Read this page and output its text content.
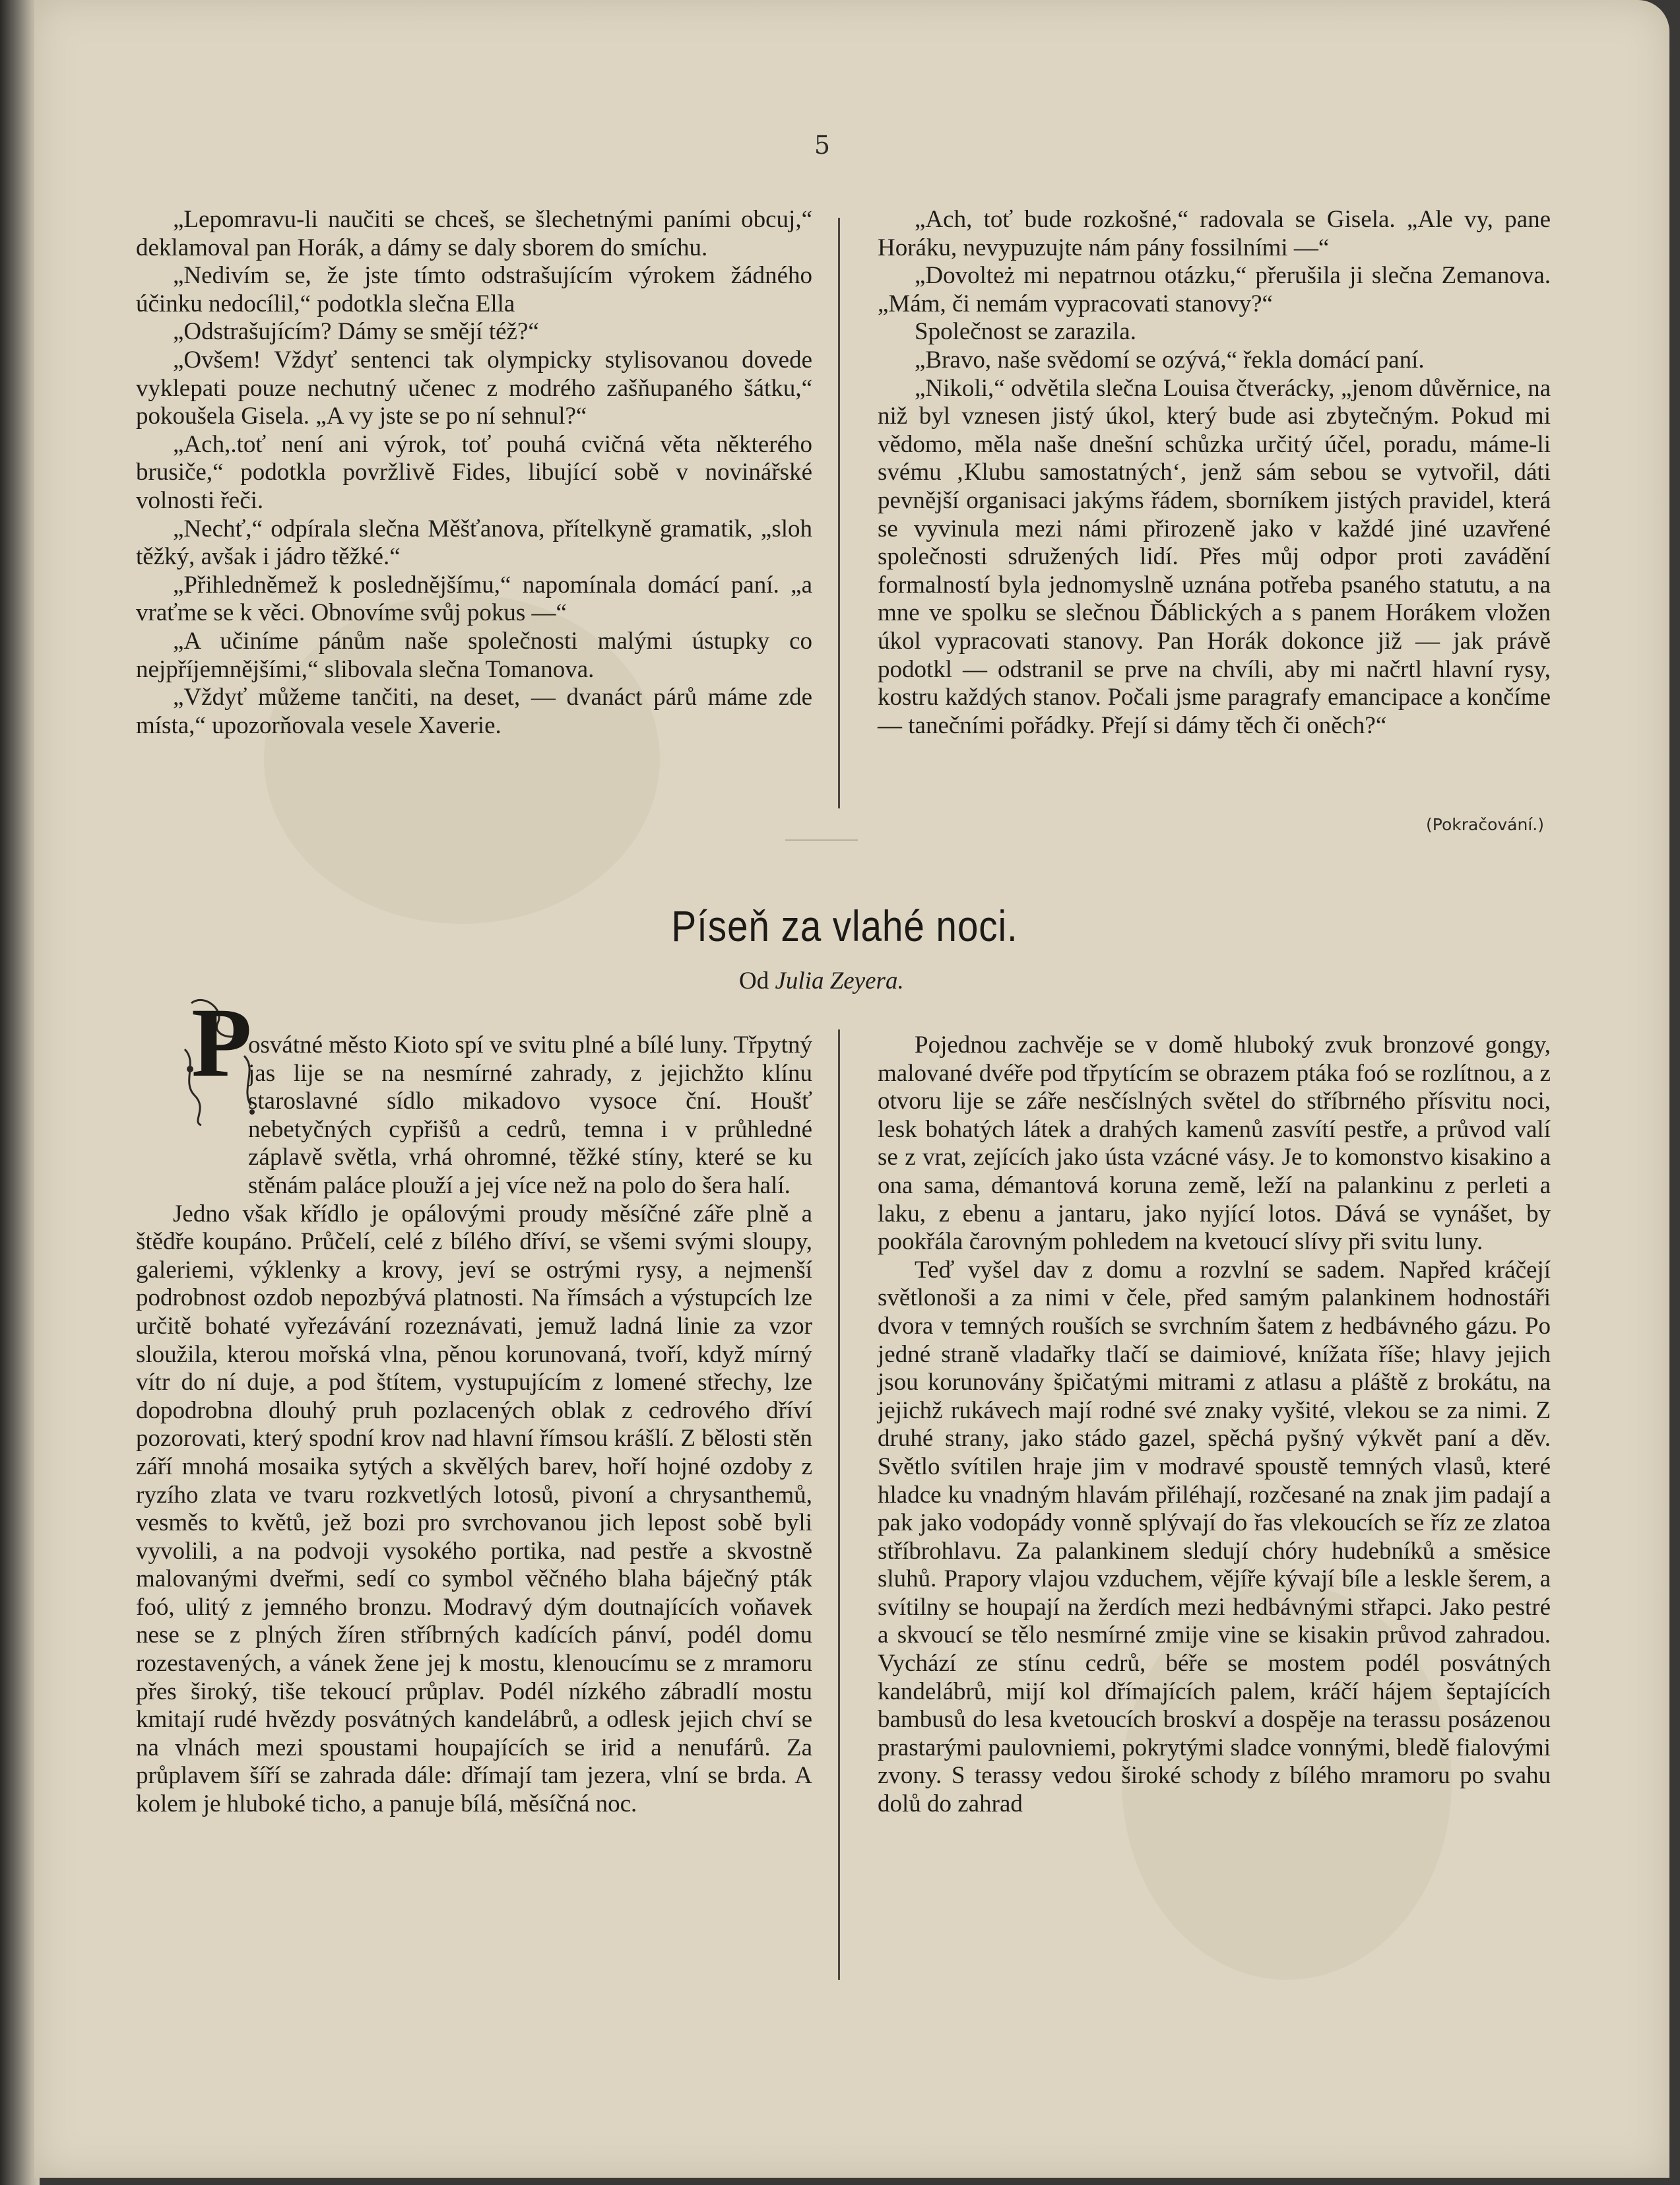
5

„Lepomravu-li naučiti se chceš, se šlechetnými paními obcuj,“ deklamoval pan Horák, a dámy se daly sborem do smíchu.

„Nedivím se, že jste tímto odstrašujícím výrokem žádného účinku nedocílil,“ podotkla slečna Ella

„Odstrašujícím? Dámy se smějí též?“

„Ovšem! Vždyť sentenci tak olympicky stylisovanou dovede vyklepati pouze nechutný učenec z modrého zašňupaného šátku,“ pokoušela Gisela. „A vy jste se po ní sehnul?“

„Ach,.toť není ani výrok, toť pouhá cvičná věta některého brusiče,“ podotkla povržlivě Fides, libující sobě v novinářské volnosti řeči.

„Nechť,“ odpírala slečna Měšťanova, přítelkyně gramatik, „sloh těžký, avšak i jádro těžké.“

„Přihledněmež k poslednějšímu,“ napomínala domácí paní. „a vraťme se k věci. Obnovíme svůj pokus —“

„A učiníme pánům naše společnosti malými ústupky co nejpříjemnějšími,“ slibovala slečna Tomanova.

„Vždyť můžeme tančiti, na deset, — dvanáct párů máme zde místa,“ upozorňovala vesele Xaverie.

„Ach, toť bude rozkošné,“ radovala se Gisela. „Ale vy, pane Horáku, nevypuzujte nám pány fossilními —“

„Dovolteż mi nepatrnou otázku,“ přerušila ji slečna Zemanova. „Mám, či nemám vypracovati stanovy?“

Společnost se zarazila.

„Bravo, naše svědomí se ozývá,“ řekla domácí paní.

„Nikoli,“ odvětila slečna Louisa čtveráckу, „jenom důvěrnice, na niž byl vznesen jistý úkol, který bude asi zbytečným. Pokud mi vědomo, měla naše dnešní schůzka určitý účel, poradu, máme-li svému ‚Klubu samostatných‘, jenž sám sebou se vytvořil, dáti pevnější organisaci jakýms řádem, sborníkem jistých pravidel, která se vyvinula mezi námi přirozeně jako v každé jiné uzavřené společnosti sdružených lidí. Přes můj odpor proti zavádění formalností byla jednomyslně uznána potřeba psaného statutu, a na mne ve spolku se slečnou Ďáblických a s panem Horákem vložen úkol vypracovati stanovy. Pan Horák dokonce již — jak právě podotkl — odstranil se prve na chvíli, aby mi načrtl hlavní rysy, kostru každých stanov. Počali jsme paragrafy emancipace a končíme — tanečními pořádky. Přejí si dámy těch či oněch?“

(Pokračování.)
Píseň za vlahé noci.
Od Julia Zeyera.
P

osvátné město Kioto spí ve svitu plné a bílé luny. Třpytný jas lije se na nesmírné zahrady, z jejichžto klínu staroslavné sídlo mikadovo vysoce ční. Houšť nebetyčných cypřišů a cedrů, temna i v průhledné záplavě světla, vrhá ohromné, těžké stíny, které se ku stěnám paláce plouží a jej více než na polo do šera halí.

Jedno však křídlo je opálovými proudy měsíčné záře plně a štědře koupáno. Průčelí, celé z bílého dříví, se všemi svými sloupy, galeriemi, výklenky a krovy, jeví se ostrými rysy, a nejmenší podrobnost ozdob nepozbývá platnosti. Na římsách a výstupcích lze určitě bohaté vyřezávání rozeznávati, jemuž ladná linie za vzor sloužila, kterou mořská vlna, pěnou korunovaná, tvoří, když mírný vítr do ní duje, a pod štítem, vystupujícím z lomené střechy, lze dopodrobna dlouhý pruh pozlacených oblak z cedrového dříví pozorovati, který spodní krov nad hlavní římsou krášlí. Z bělosti stěn září mnohá mosaika sytých a skvělých barev, hoří hojné ozdoby z ryzího zlata ve tvaru rozkvetlých lotosů, pivoní a chrysanthemů, vesměs to květů, jež bozi pro svrchovanou jich lepost sobě byli vyvolili, a na podvoji vysokého portika, nad pestře a skvostně malovanými dveřmi, sedí co symbol věčného blaha báječný pták foó, ulitý z jemného bronzu. Modravý dým doutnajících voňavek nese se z plných žíren stříbrných kadících pánví, podél domu rozestavených, a vánek žene jej k mostu, klenoucímu se z mramoru přes široký, tiše tekoucí průplav. Podél nízkého zábradlí mostu kmitají rudé hvězdy posvátných kandelábrů, a odlesk jejich chví se na vlnách mezi spoustami houpajících se irid a nenufárů. Za průplavem šíří se zahrada dále: dřímají tam jezera, vlní se brda. A kolem je hluboké ticho, a panuje bílá, měsíčná noc.

Pojednou zachvěje se v domě hluboký zvuk bronzové gongy, malované dvéře pod třpytícím se obrazem ptáka foó se rozlítnou, a z otvoru lije se záře nesčíslných světel do stříbrného přísvitu noci, lesk bohatých látek a drahých kamenů zasvítí pestře, a průvod valí se z vrat, zejících jako ústa vzácné vásy. Je to komonstvo kisakino a ona sama, démantová koruna země, leží na palankinu z perleti a laku, z ebenu a jantaru, jako nyjící lotos. Dává se vynášet, by pookřála čarovným pohledem na kvetoucí slívy při svitu luny.

Teď vyšel dav z domu a rozvlní se sadem. Napřed kráčejí světlonoši a za nimi v čele, před samým palankinem hodnostáři dvora v temných rouších se svrchním šatem z hedbávného gázu. Po jedné straně vladařky tlačí se daimiové, knížata říše; hlavy jejich jsou korunovány špičatými mitrami z atlasu a pláště z brokátu, na jejichž rukávech mají rodné své znaky vyšité, vlekou se za nimi. Z druhé strany, jako stádo gazel, spěchá pyšný výkvět paní a děv. Světlo svítilen hraje jim v modravé spoustě temných vlasů, které hladce ku vnadným hlavám přiléhají, rozčesané na znak jim padají a pak jako vodopády vonně splývají do řas vlekoucích se říz ze zlatoa stříbrohlavu. Za palankinem sledují chóry hudebníků a směsice sluhů. Prapory vlajou vzduchem, vějíře kývají bíle a leskle šerem, a svítilny se houpají na žerdích mezi hedbávnými střapci. Jako pestré a skvoucí se tělo nesmírné zmije vine se kisakin průvod zahradou. Vychází ze stínu cedrů, béře se mostem podél posvátných kandelábrů, mijí kol dřímajících palem, kráčí hájem šeptajících bambusů do lesa kvetoucích broskví a dospěje na terassu posázenou prastarými paulovniemi, pokrytými sladce vonnými, bledě fialovými zvony. S terassy vedou široké schody z bílého mramoru po svahu dolů do zahrad
